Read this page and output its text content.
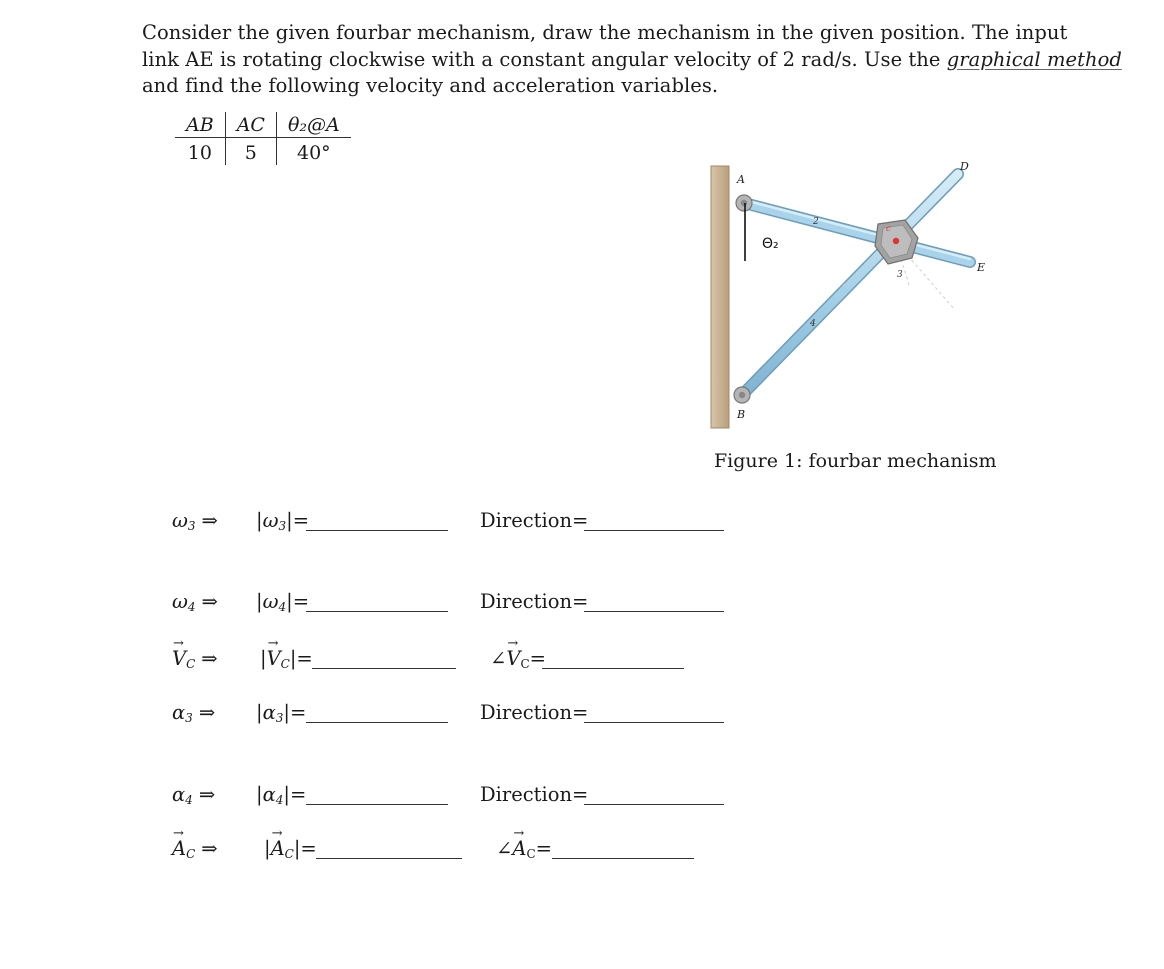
Consider the given fourbar mechanism, draw the mechanism in the given position. The input
link AE is rotating clockwise with a constant angular velocity of 2 rad/s. Use the graphical method
and find the following velocity and acceleration variables.
AB	AC	θ₂@A
10	5	40°
A
B
D
E
2
3
4
c
Θ₂
Figure 1: fourbar mechanism
$\omega_3$ ⇒ $|\omega_3|=$	Direction=
$\omega_4$ ⇒ $|\omega_4|=$	Direction=
→ $V_C$ ⇒ |→ $V_C|=$	∠→ $V_C=$
$\alpha_3$ ⇒ $|\alpha_3|=$	Direction=
$\alpha_4$ ⇒ $|\alpha_4|=$	Direction=
→ $A_C$ ⇒ |→ $A_C|=$	∠→ $A_C=$
